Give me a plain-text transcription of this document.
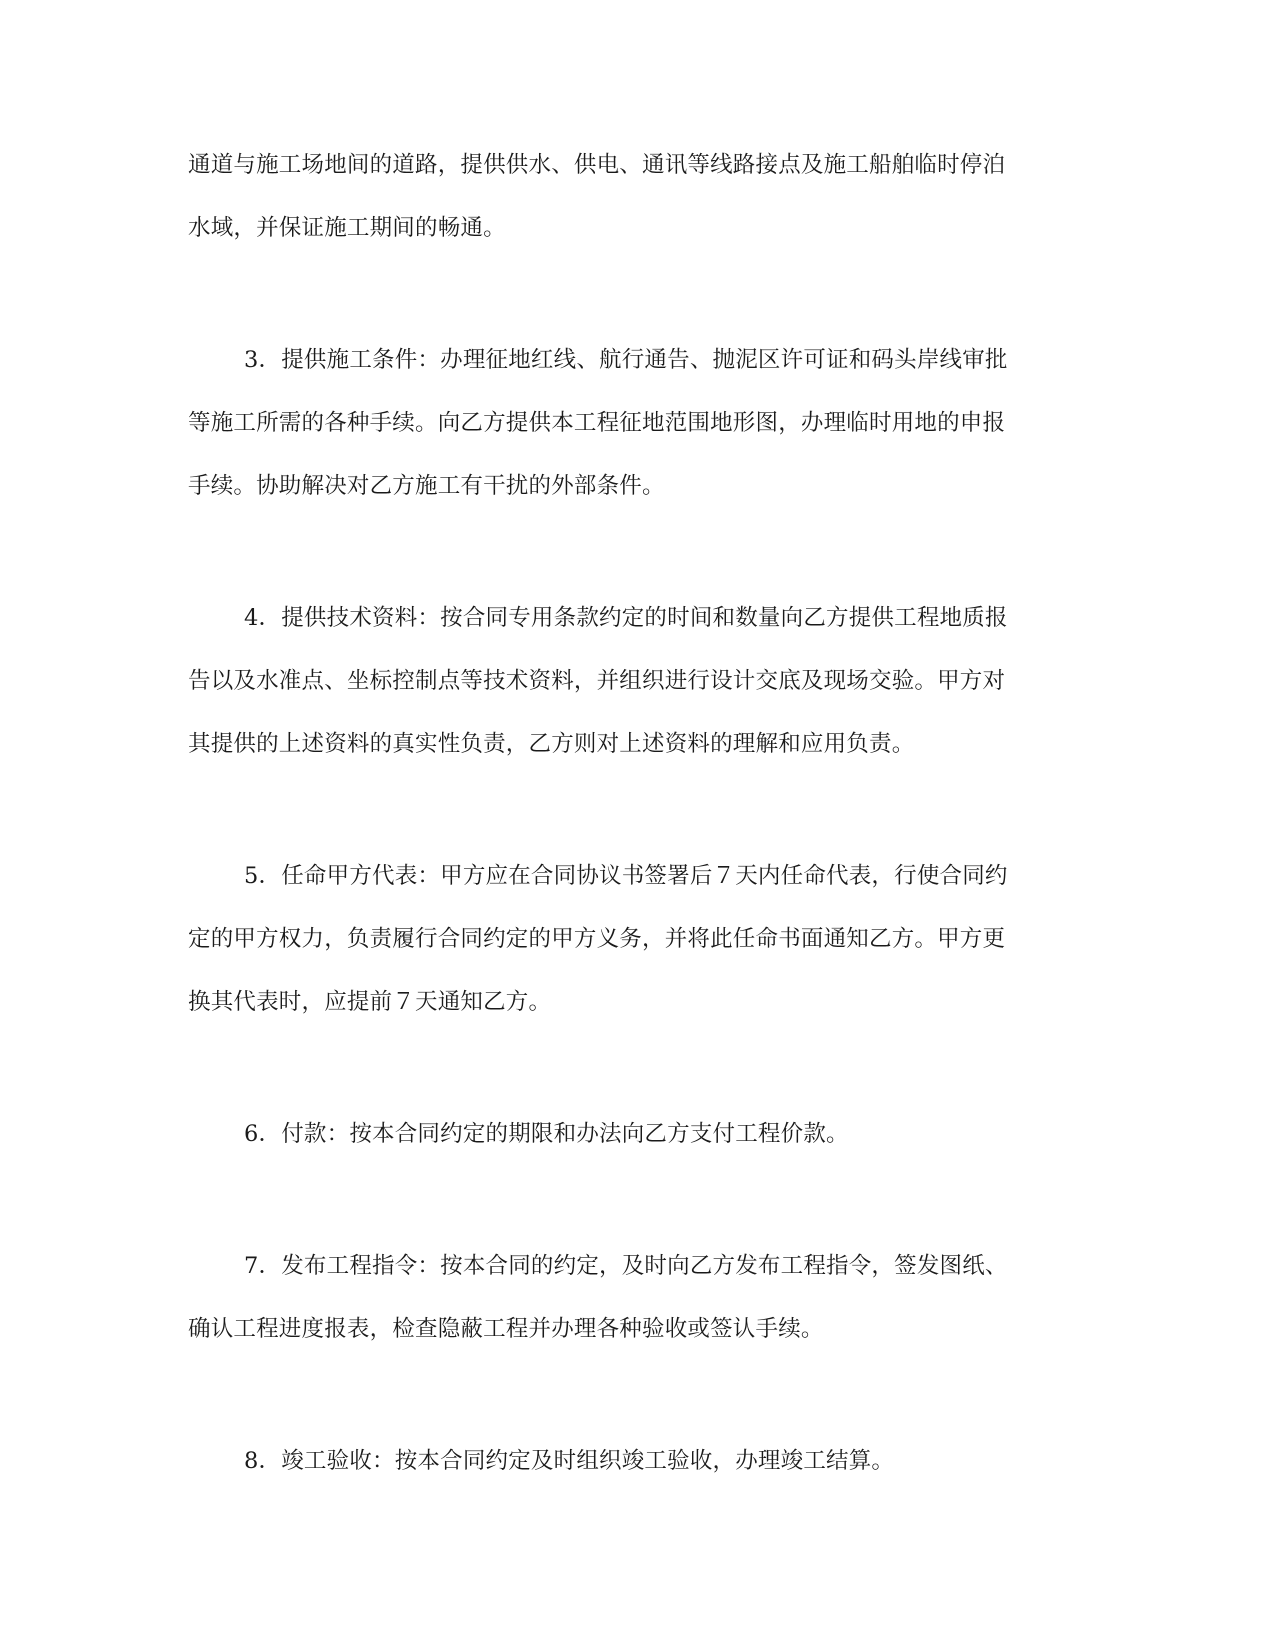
通道与施工场地间的道路，提供供水、供电、通讯等线路接点及施工船舶临时停泊
水域，并保证施工期间的畅通。
3．提供施工条件：办理征地红线、航行通告、抛泥区许可证和码头岸线审批
等施工所需的各种手续。向乙方提供本工程征地范围地形图，办理临时用地的申报
手续。协助解决对乙方施工有干扰的外部条件。
4．提供技术资料：按合同专用条款约定的时间和数量向乙方提供工程地质报
告以及水准点、坐标控制点等技术资料，并组织进行设计交底及现场交验。甲方对
其提供的上述资料的真实性负责，乙方则对上述资料的理解和应用负责。
5．任命甲方代表：甲方应在合同协议书签署后７天内任命代表，行使合同约
定的甲方权力，负责履行合同约定的甲方义务，并将此任命书面通知乙方。甲方更
换其代表时，应提前７天通知乙方。
6．付款：按本合同约定的期限和办法向乙方支付工程价款。
7．发布工程指令：按本合同的约定，及时向乙方发布工程指令，签发图纸、
确认工程进度报表，检查隐蔽工程并办理各种验收或签认手续。
8．竣工验收：按本合同约定及时组织竣工验收，办理竣工结算。
